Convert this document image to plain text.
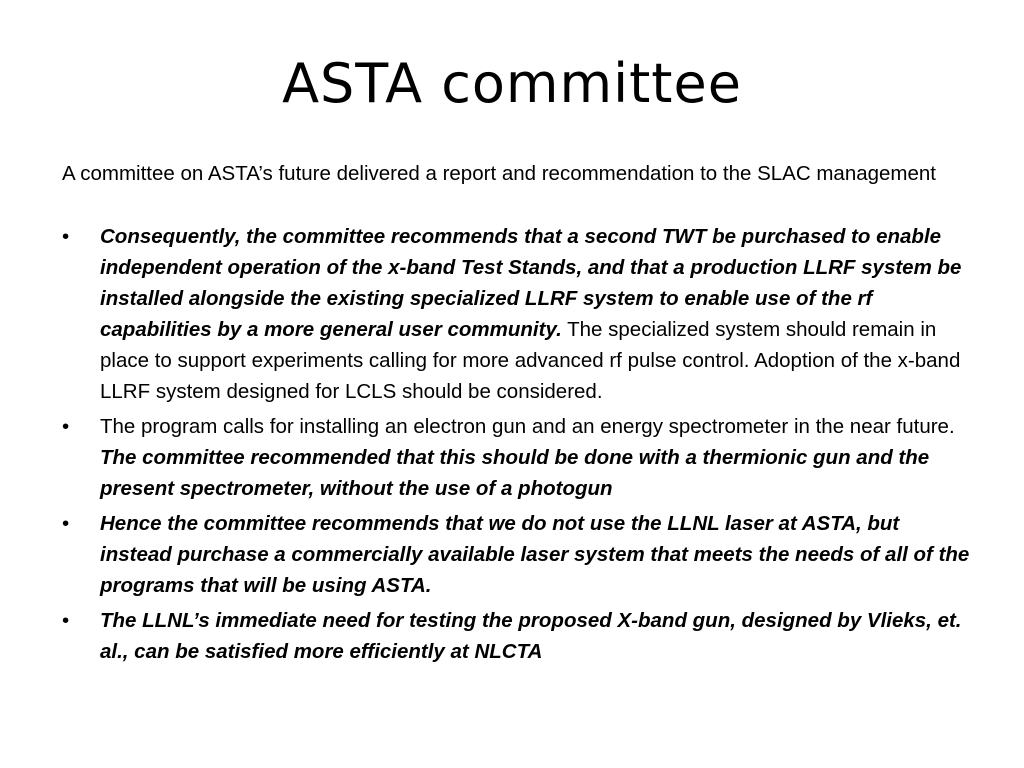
ASTA committee

A committee on ASTA’s future delivered a report and recommendation to the SLAC management

• Consequently, the committee recommends that a second TWT be purchased to enable independent operation of the x-band Test Stands, and that a production LLRF system be installed alongside the existing specialized LLRF system to enable use of the rf capabilities by a more general user community. The specialized system should remain in place to support experiments calling for more advanced rf pulse control. Adoption of the x-band LLRF system designed for LCLS should be considered.
• The program calls for installing an electron gun and an energy spectrometer in the near future. The committee recommended that this should be done with a thermionic gun and the present spectrometer, without the use of a photogun
• Hence the committee recommends that we do not use the LLNL laser at ASTA, but instead purchase a commercially available laser system that meets the needs of all of the programs that will be using ASTA.
• The LLNL’s immediate need for testing the proposed X-band gun, designed by Vlieks, et. al., can be satisfied more efficiently at NLCTA
